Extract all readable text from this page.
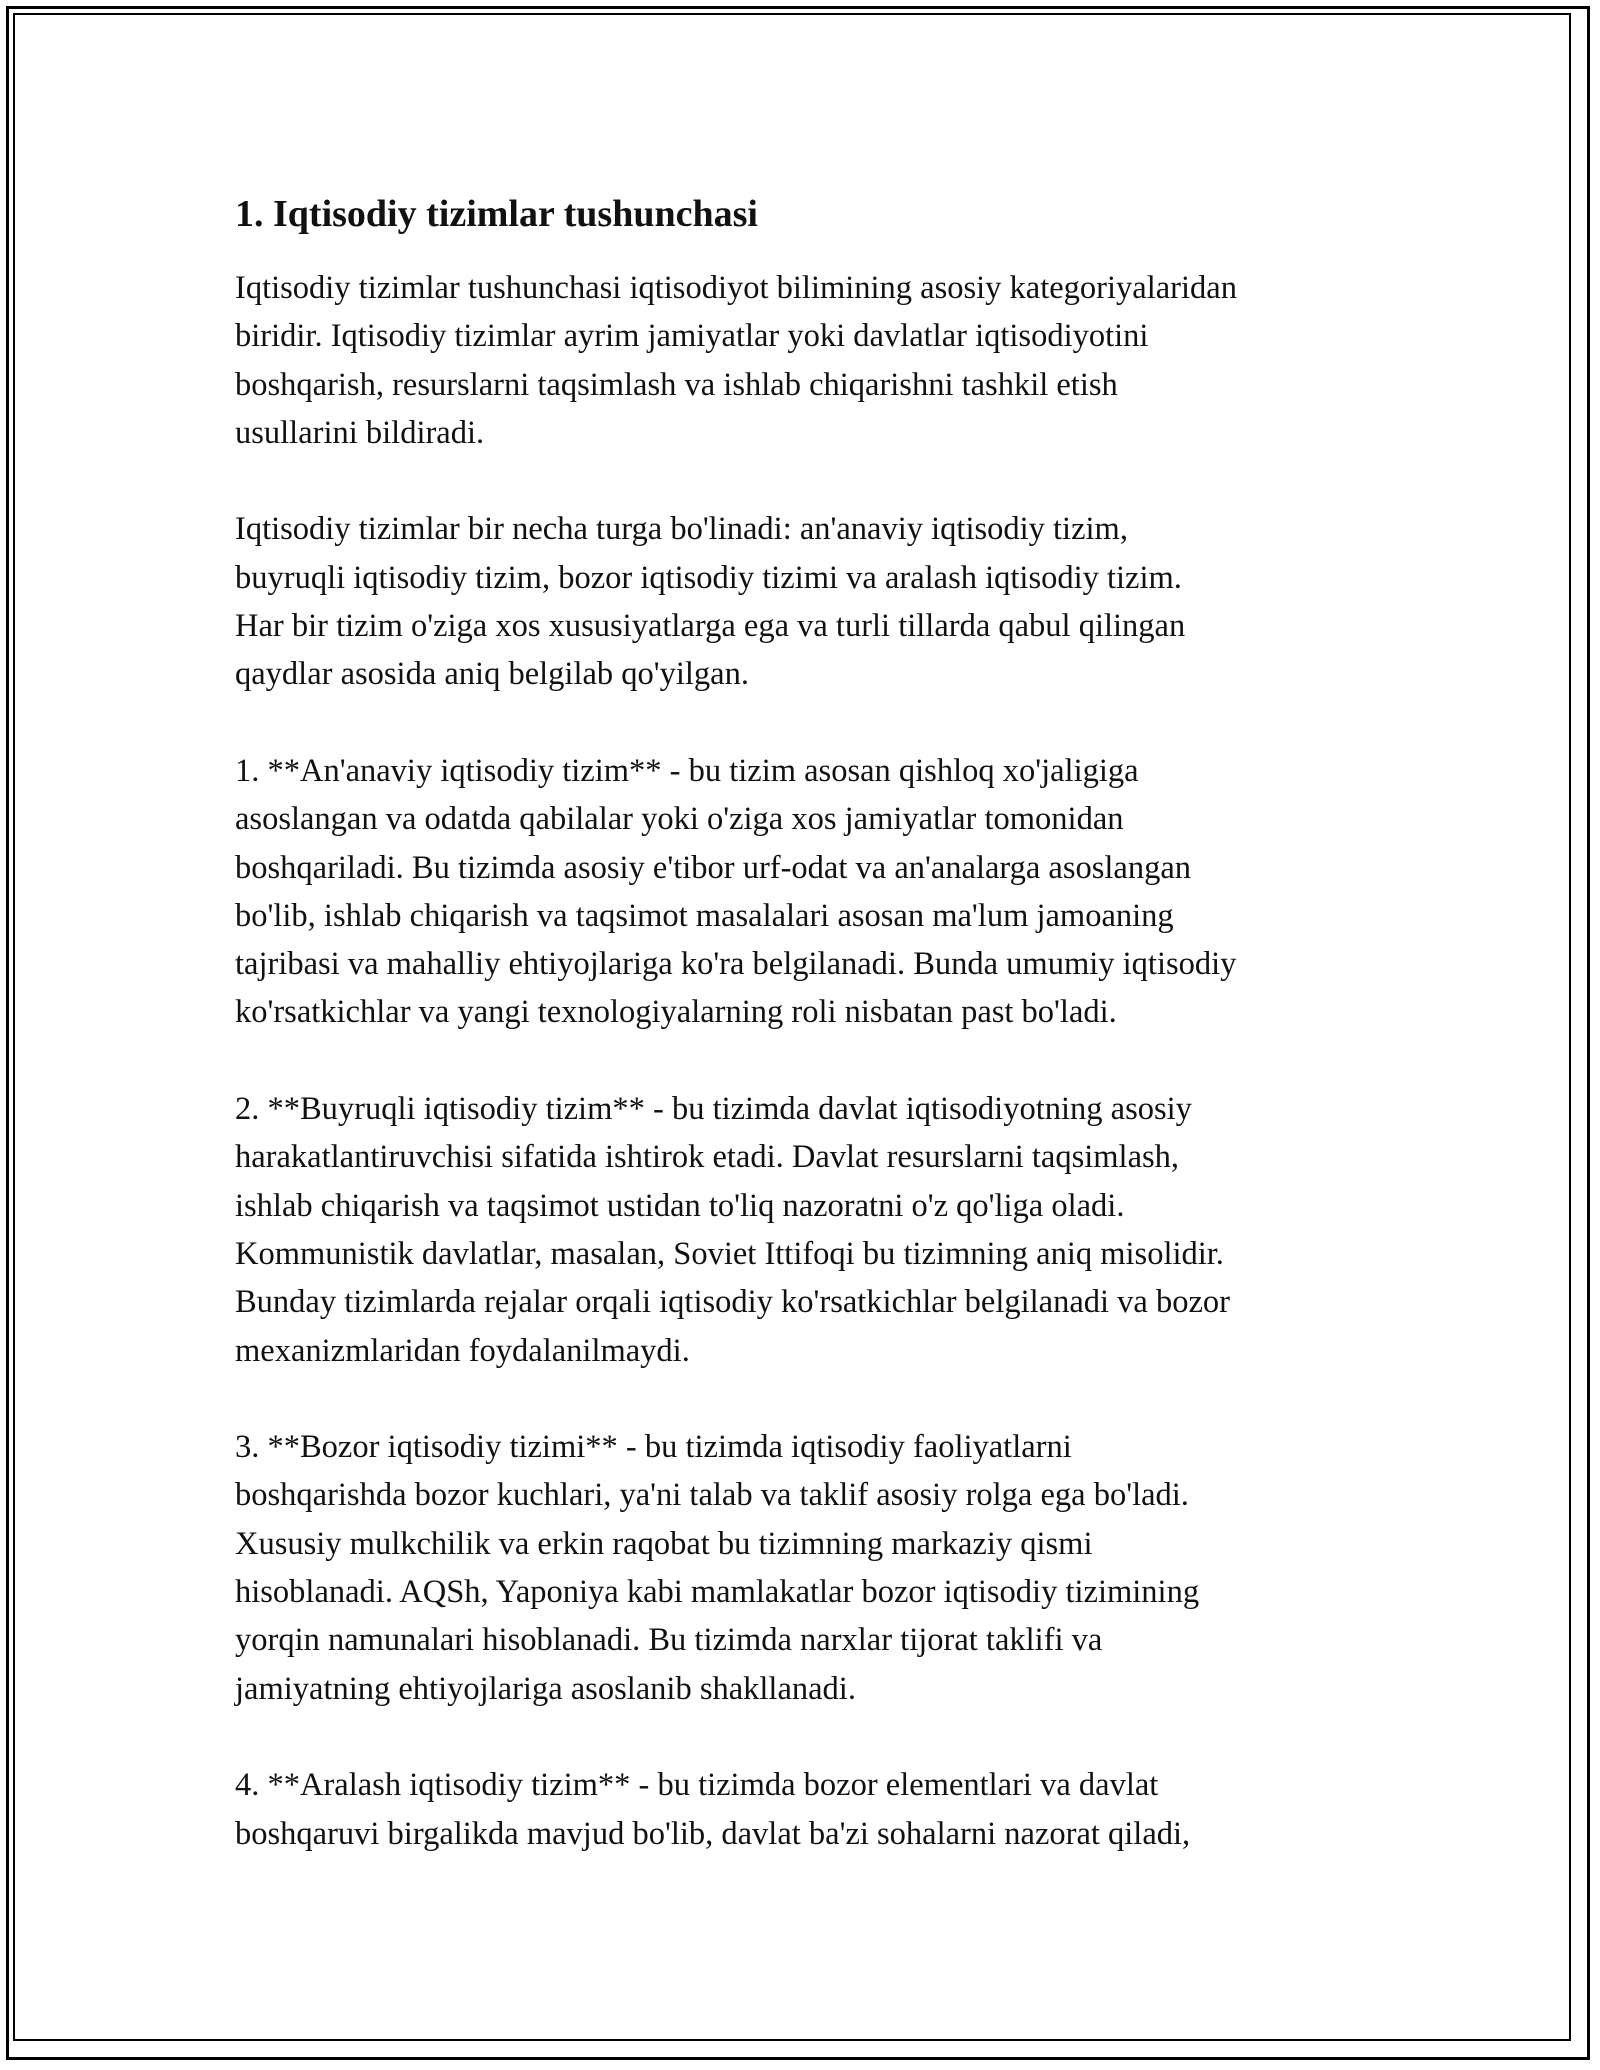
1. Iqtisodiy tizimlar tushunchasi

Iqtisodiy tizimlar tushunchasi iqtisodiyot bilimining asosiy kategoriyalaridan
biridir. Iqtisodiy tizimlar ayrim jamiyatlar yoki davlatlar iqtisodiyotini
boshqarish, resurslarni taqsimlash va ishlab chiqarishni tashkil etish
usullarini bildiradi.

Iqtisodiy tizimlar bir necha turga bo'linadi: an'anaviy iqtisodiy tizim,
buyruqli iqtisodiy tizim, bozor iqtisodiy tizimi va aralash iqtisodiy tizim.
Har bir tizim o'ziga xos xususiyatlarga ega va turli tillarda qabul qilingan
qaydlar asosida aniq belgilab qo'yilgan.

1. **An'anaviy iqtisodiy tizim** - bu tizim asosan qishloq xo'jaligiga
asoslangan va odatda qabilalar yoki o'ziga xos jamiyatlar tomonidan
boshqariladi. Bu tizimda asosiy e'tibor urf-odat va an'analarga asoslangan
bo'lib, ishlab chiqarish va taqsimot masalalari asosan ma'lum jamoaning
tajribasi va mahalliy ehtiyojlariga ko'ra belgilanadi. Bunda umumiy iqtisodiy
ko'rsatkichlar va yangi texnologiyalarning roli nisbatan past bo'ladi.

2. **Buyruqli iqtisodiy tizim** - bu tizimda davlat iqtisodiyotning asosiy
harakatlantiruvchisi sifatida ishtirok etadi. Davlat resurslarni taqsimlash,
ishlab chiqarish va taqsimot ustidan to'liq nazoratni o'z qo'liga oladi.
Kommunistik davlatlar, masalan, Soviet Ittifoqi bu tizimning aniq misolidir.
Bunday tizimlarda rejalar orqali iqtisodiy ko'rsatkichlar belgilanadi va bozor
mexanizmlaridan foydalanilmaydi.

3. **Bozor iqtisodiy tizimi** - bu tizimda iqtisodiy faoliyatlarni
boshqarishda bozor kuchlari, ya'ni talab va taklif asosiy rolga ega bo'ladi.
Xususiy mulkchilik va erkin raqobat bu tizimning markaziy qismi
hisoblanadi. AQSh, Yaponiya kabi mamlakatlar bozor iqtisodiy tizimining
yorqin namunalari hisoblanadi. Bu tizimda narxlar tijorat taklifi va
jamiyatning ehtiyojlariga asoslanib shakllanadi.

4. **Aralash iqtisodiy tizim** - bu tizimda bozor elementlari va davlat
boshqaruvi birgalikda mavjud bo'lib, davlat ba'zi sohalarni nazorat qiladi,
